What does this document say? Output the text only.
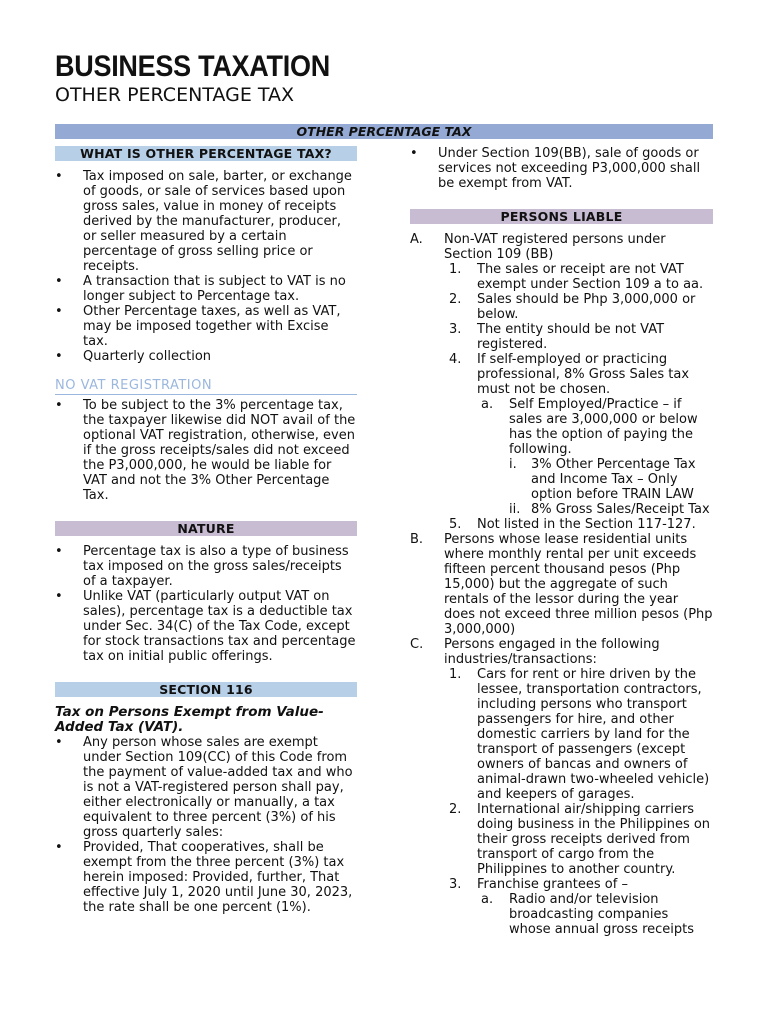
BUSINESS TAXATION
OTHER PERCENTAGE TAX
OTHER PERCENTAGE TAX
WHAT IS OTHER PERCENTAGE TAX?
• Tax imposed on sale, barter, or exchange of goods, or sale of services based upon gross sales, value in money of receipts derived by the manufacturer, producer, or seller measured by a certain percentage of gross selling price or receipts.
• A transaction that is subject to VAT is no longer subject to Percentage tax.
• Other Percentage taxes, as well as VAT, may be imposed together with Excise tax.
• Quarterly collection
NO VAT REGISTRATION
• To be subject to the 3% percentage tax, the taxpayer likewise did NOT avail of the optional VAT registration, otherwise, even if the gross receipts/sales did not exceed the P3,000,000, he would be liable for VAT and not the 3% Other Percentage Tax.
NATURE
• Percentage tax is also a type of business tax imposed on the gross sales/receipts of a taxpayer.
• Unlike VAT (particularly output VAT on sales), percentage tax is a deductible tax under Sec. 34(C) of the Tax Code, except for stock transactions tax and percentage tax on initial public offerings.
SECTION 116
Tax on Persons Exempt from Value-Added Tax (VAT).
• Any person whose sales are exempt under Section 109(CC) of this Code from the payment of value-added tax and who is not a VAT-registered person shall pay, either electronically or manually, a tax equivalent to three percent (3%) of his gross quarterly sales:
• Provided, That cooperatives, shall be exempt from the three percent (3%) tax herein imposed: Provided, further, That effective July 1, 2020 until June 30, 2023, the rate shall be one percent (1%).
• Under Section 109(BB), sale of goods or services not exceeding P3,000,000 shall be exempt from VAT.
PERSONS LIABLE
A. Non-VAT registered persons under Section 109 (BB)
1. The sales or receipt are not VAT exempt under Section 109 a to aa.
2. Sales should be Php 3,000,000 or below.
3. The entity should be not VAT registered.
4. If self-employed or practicing professional, 8% Gross Sales tax must not be chosen.
a. Self Employed/Practice – if sales are 3,000,000 or below has the option of paying the following.
i. 3% Other Percentage Tax and Income Tax – Only option before TRAIN LAW
ii. 8% Gross Sales/Receipt Tax
5. Not listed in the Section 117-127.
B. Persons whose lease residential units where monthly rental per unit exceeds fifteen percent thousand pesos (Php 15,000) but the aggregate of such rentals of the lessor during the year does not exceed three million pesos (Php 3,000,000)
C. Persons engaged in the following industries/transactions:
1. Cars for rent or hire driven by the lessee, transportation contractors, including persons who transport passengers for hire, and other domestic carriers by land for the transport of passengers (except owners of bancas and owners of animal-drawn two-wheeled vehicle) and keepers of garages.
2. International air/shipping carriers doing business in the Philippines on their gross receipts derived from transport of cargo from the Philippines to another country.
3. Franchise grantees of –
a. Radio and/or television broadcasting companies whose annual gross receipts
